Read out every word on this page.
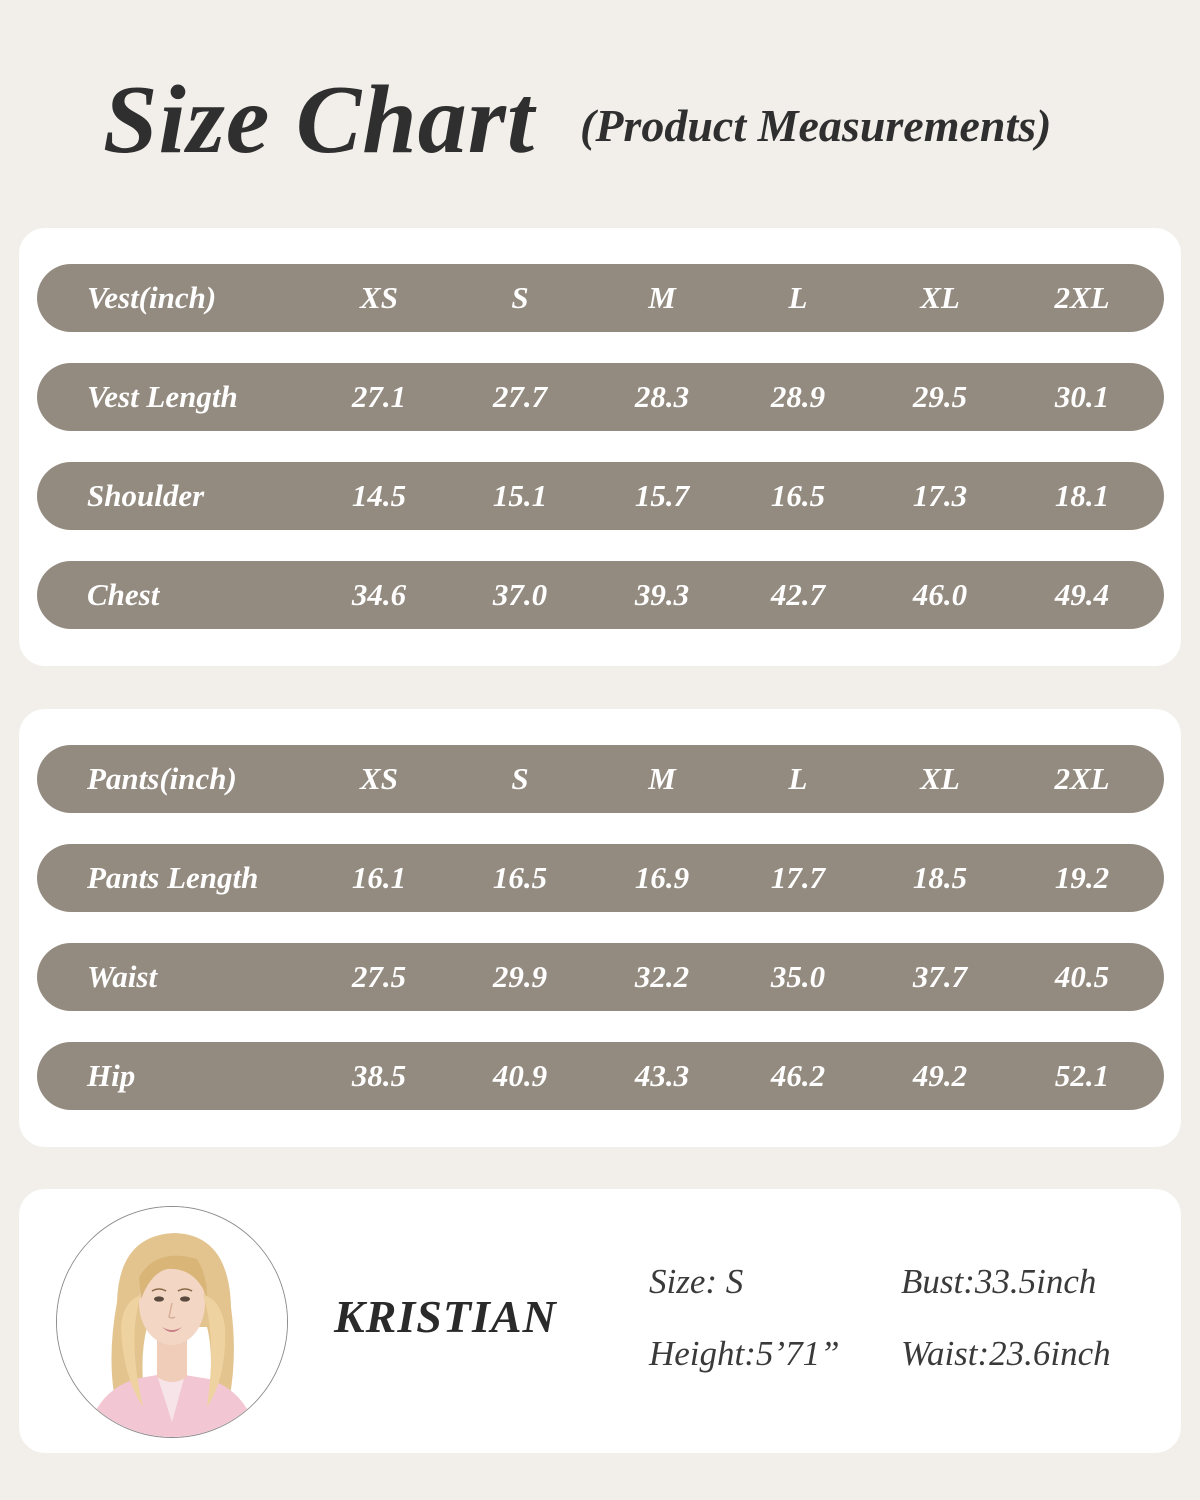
Size Chart (Product Measurements)
Vest(inch)	XS	S	M	L	XL	2XL
Vest Length	27.1	27.7	28.3	28.9	29.5	30.1
Shoulder	14.5	15.1	15.7	16.5	17.3	18.1
Chest	34.6	37.0	39.3	42.7	46.0	49.4
Pants(inch)	XS	S	M	L	XL	2XL
Pants Length	16.1	16.5	16.9	17.7	18.5	19.2
Waist	27.5	29.9	32.2	35.0	37.7	40.5
Hip	38.5	40.9	43.3	46.2	49.2	52.1
KRISTIAN
Size: S
Height:5’71”
Bust:33.5inch
Waist:23.6inch
